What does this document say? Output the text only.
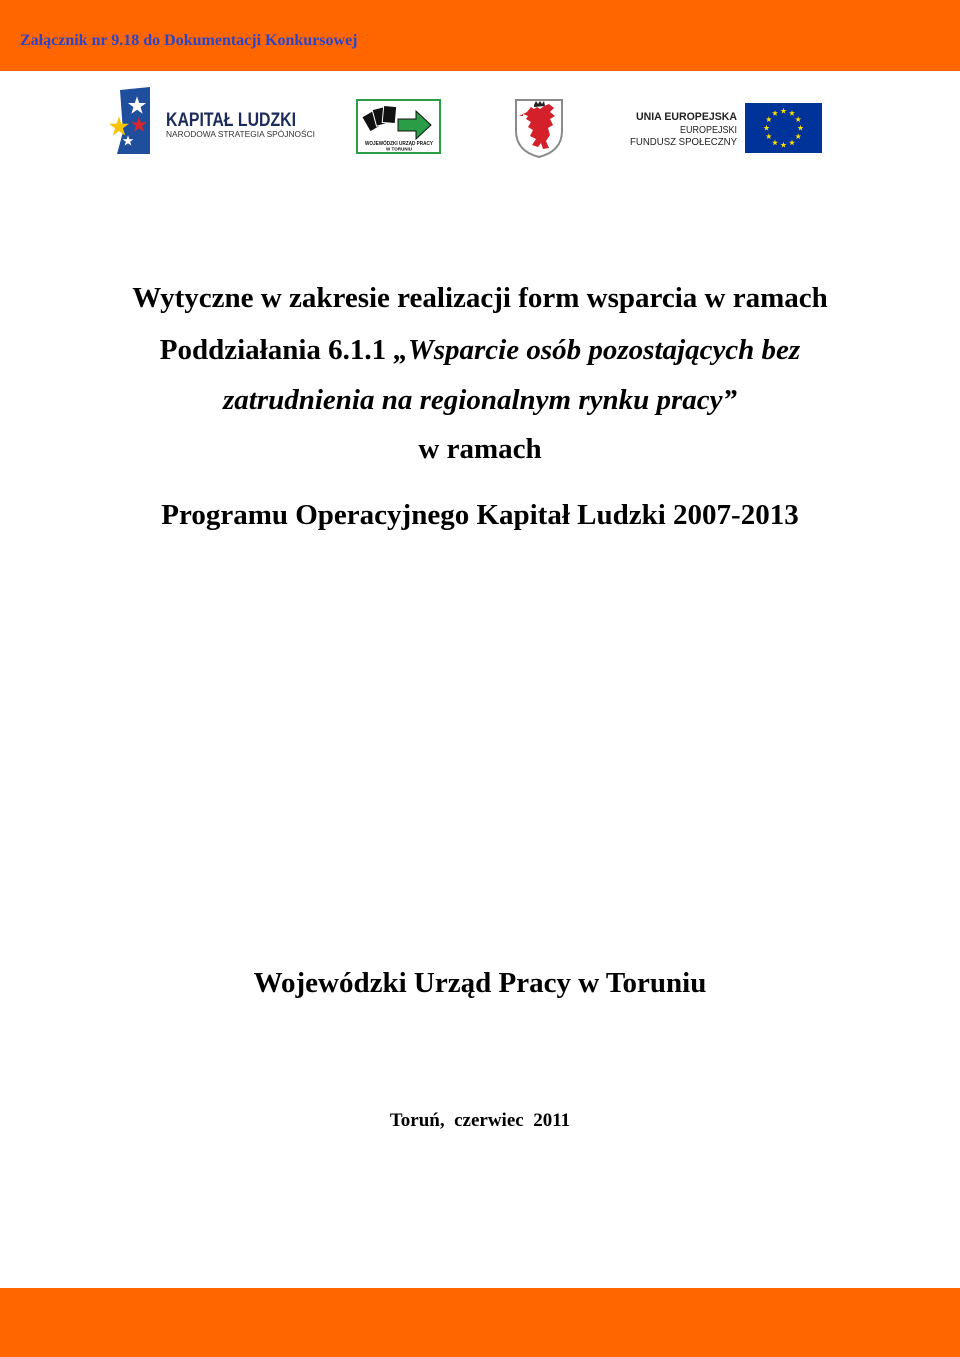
Załącznik nr 9.18 do Dokumentacji Konkursowej
KAPITAŁ LUDZKI
NARODOWA STRATEGIA SPÓJNOŚCI
WOJEWÓDZKI URZĄD PRACY
W TORUNIU
UNIA EUROPEJSKA
EUROPEJSKI
FUNDUSZ SPOŁECZNY
Wytyczne w zakresie realizacji form wsparcia w ramach
Poddziałania 6.1.1 „Wsparcie osób pozostających bez
zatrudnienia na regionalnym rynku pracy”
w ramach
Programu Operacyjnego Kapitał Ludzki 2007-2013
Wojewódzki Urząd Pracy w Toruniu
Toruń,  czerwiec  2011
